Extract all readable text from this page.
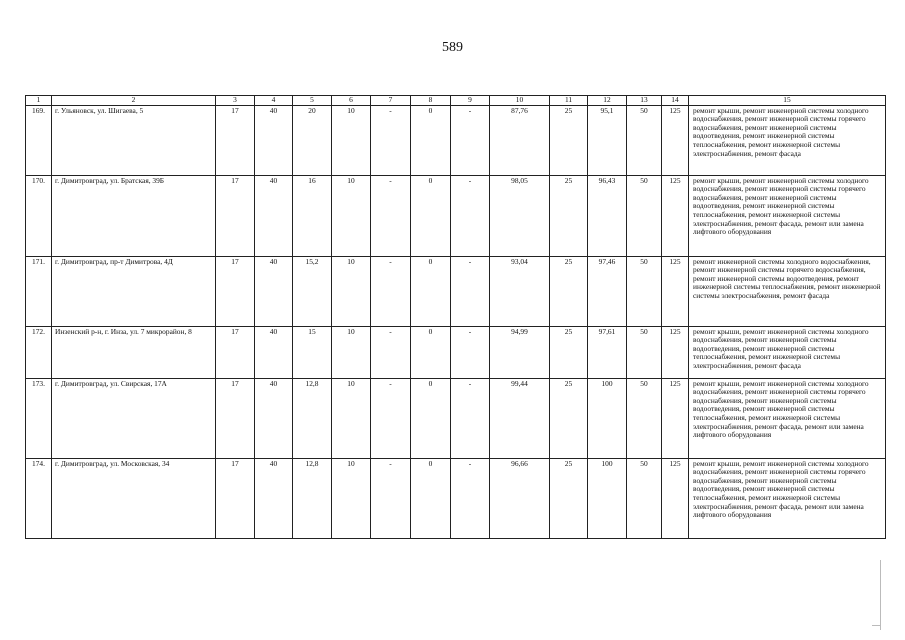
589
1	2	3	4	5	6	7	8	9	10	11	12	13	14	15
169.	г. Ульяновск, ул. Шигаева, 5	17	40	20	10	-	0	-	87,76	25	95,1	50	125	ремонт крыши, ремонт инженерной системы холодного водоснабжения, ремонт инженерной системы горячего водоснабжения, ремонт инженерной системы водоотведения, ремонт инженерной системы теплоснабжения, ремонт инженерной системы электроснабжения, ремонт фасада
170.	г. Димитровград, ул. Братская, 39Б	17	40	16	10	-	0	-	98,05	25	96,43	50	125	ремонт крыши, ремонт инженерной системы холодного водоснабжения, ремонт инженерной системы горячего водоснабжения, ремонт инженерной системы водоотведения, ремонт инженерной системы теплоснабжения, ремонт инженерной системы электроснабжения, ремонт фасада, ремонт или замена лифтового оборудования
171.	г. Димитровград, пр-т Димитрова, 4Д	17	40	15,2	10	-	0	-	93,04	25	97,46	50	125	ремонт инженерной системы холодного водоснабжения, ремонт инженерной системы горячего водоснабжения, ремонт инженерной системы водоотведения, ремонт инженерной системы теплоснабжения, ремонт инженерной системы электроснабжения, ремонт фасада
172.	Инзенский р-н, г. Инза, ул. 7 микрорайон, 8	17	40	15	10	-	0	-	94,99	25	97,61	50	125	ремонт крыши, ремонт инженерной системы холодного водоснабжения, ремонт инженерной системы водоотведения, ремонт инженерной системы теплоснабжения, ремонт инженерной системы электроснабжения, ремонт фасада
173.	г. Димитровград, ул. Свирская, 17А	17	40	12,8	10	-	0	-	99,44	25	100	50	125	ремонт крыши, ремонт инженерной системы холодного водоснабжения, ремонт инженерной системы горячего водоснабжения, ремонт инженерной системы водоотведения, ремонт инженерной системы теплоснабжения, ремонт инженерной системы электроснабжения, ремонт фасада, ремонт или замена лифтового оборудования
174.	г. Димитровград, ул. Московская, 34	17	40	12,8	10	-	0	-	96,66	25	100	50	125	ремонт крыши, ремонт инженерной системы холодного водоснабжения, ремонт инженерной системы горячего водоснабжения, ремонт инженерной системы водоотведения, ремонт инженерной системы теплоснабжения, ремонт инженерной системы электроснабжения, ремонт фасада, ремонт или замена лифтового оборудования
